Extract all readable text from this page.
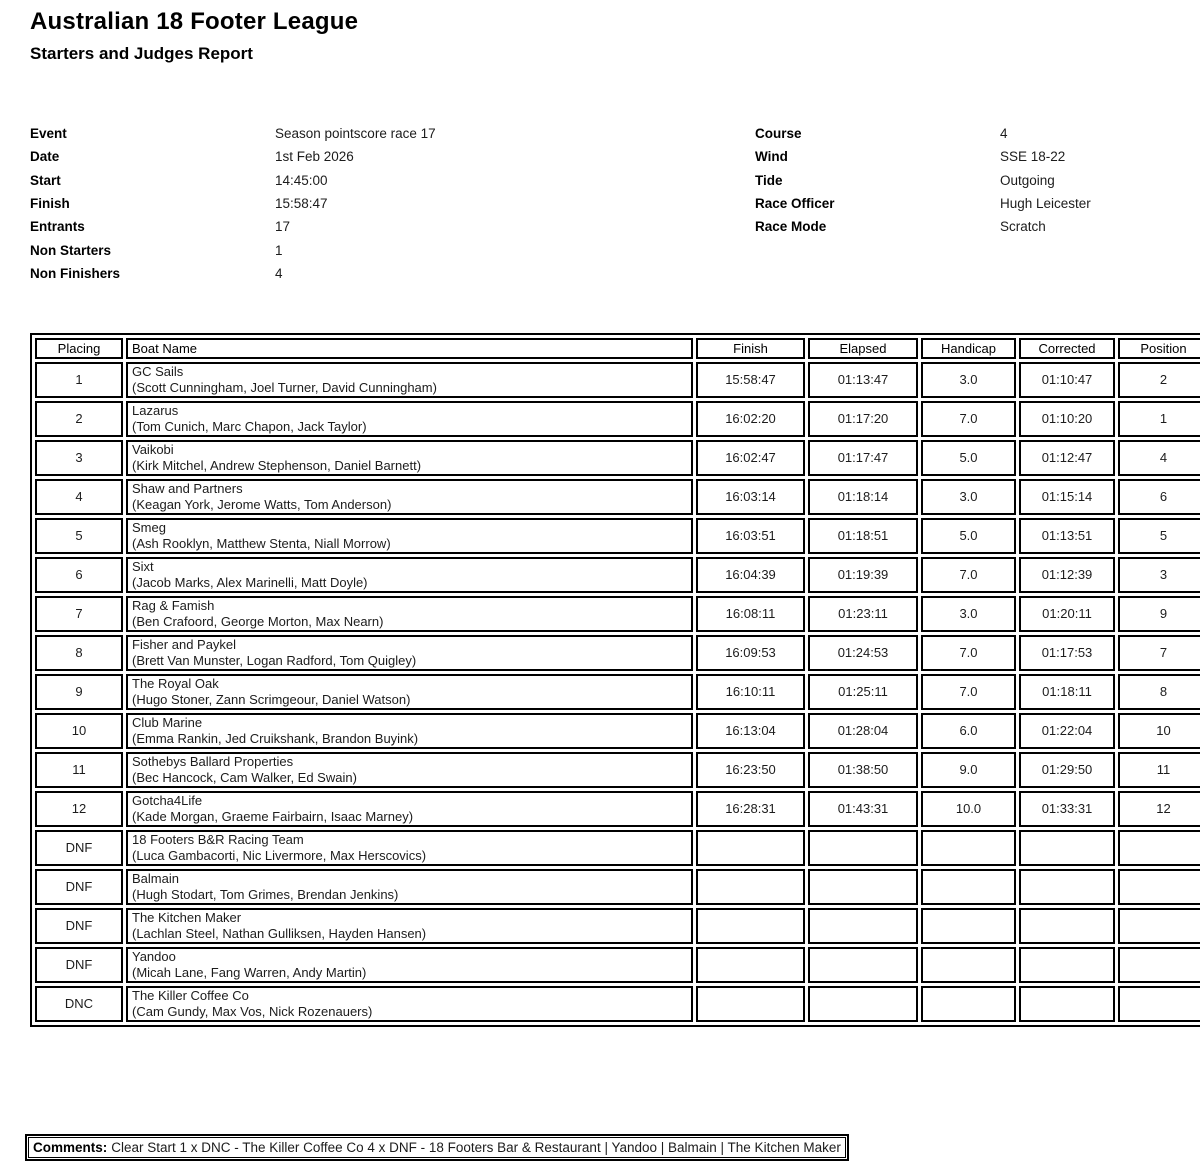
Australian 18 Footer League
Starters and Judges Report
Event	Season pointscore race 17
Date	1st Feb 2026
Start	14:45:00
Finish	15:58:47
Entrants	17
Non Starters	1
Non Finishers	4
Course	4
Wind	SSE 18-22
Tide	Outgoing
Race Officer	Hugh Leicester
Race Mode	Scratch
Placing	Boat Name	Finish	Elapsed	Handicap	Corrected	Position
1	GC Sails
(Scott Cunningham, Joel Turner, David Cunningham)	15:58:47	01:13:47	3.0	01:10:47	2
2	Lazarus
(Tom Cunich, Marc Chapon, Jack Taylor)	16:02:20	01:17:20	7.0	01:10:20	1
3	Vaikobi
(Kirk Mitchel, Andrew Stephenson, Daniel Barnett)	16:02:47	01:17:47	5.0	01:12:47	4
4	Shaw and Partners
(Keagan York, Jerome Watts, Tom Anderson)	16:03:14	01:18:14	3.0	01:15:14	6
5	Smeg
(Ash Rooklyn, Matthew Stenta, Niall Morrow)	16:03:51	01:18:51	5.0	01:13:51	5
6	Sixt
(Jacob Marks, Alex Marinelli, Matt Doyle)	16:04:39	01:19:39	7.0	01:12:39	3
7	Rag & Famish
(Ben Crafoord, George Morton, Max Nearn)	16:08:11	01:23:11	3.0	01:20:11	9
8	Fisher and Paykel
(Brett Van Munster, Logan Radford, Tom Quigley)	16:09:53	01:24:53	7.0	01:17:53	7
9	The Royal Oak
(Hugo Stoner, Zann Scrimgeour, Daniel Watson)	16:10:11	01:25:11	7.0	01:18:11	8
10	Club Marine
(Emma Rankin, Jed Cruikshank, Brandon Buyink)	16:13:04	01:28:04	6.0	01:22:04	10
11	Sothebys Ballard Properties
(Bec Hancock, Cam Walker, Ed Swain)	16:23:50	01:38:50	9.0	01:29:50	11
12	Gotcha4Life
(Kade Morgan, Graeme Fairbairn, Isaac Marney)	16:28:31	01:43:31	10.0	01:33:31	12
DNF	18 Footers B&R Racing Team
(Luca Gambacorti, Nic Livermore, Max Herscovics)					

DNF	Balmain
(Hugh Stodart, Tom Grimes, Brendan Jenkins)					

DNF	The Kitchen Maker
(Lachlan Steel, Nathan Gulliksen, Hayden Hansen)					

DNF	Yandoo
(Micah Lane, Fang Warren, Andy Martin)					

DNC	The Killer Coffee Co
(Cam Gundy, Max Vos, Nick Rozenauers)					

Comments: Clear Start 1 x DNC - The Killer Coffee Co 4 x DNF - 18 Footers Bar & Restaurant | Yandoo | Balmain | The Kitchen Maker
